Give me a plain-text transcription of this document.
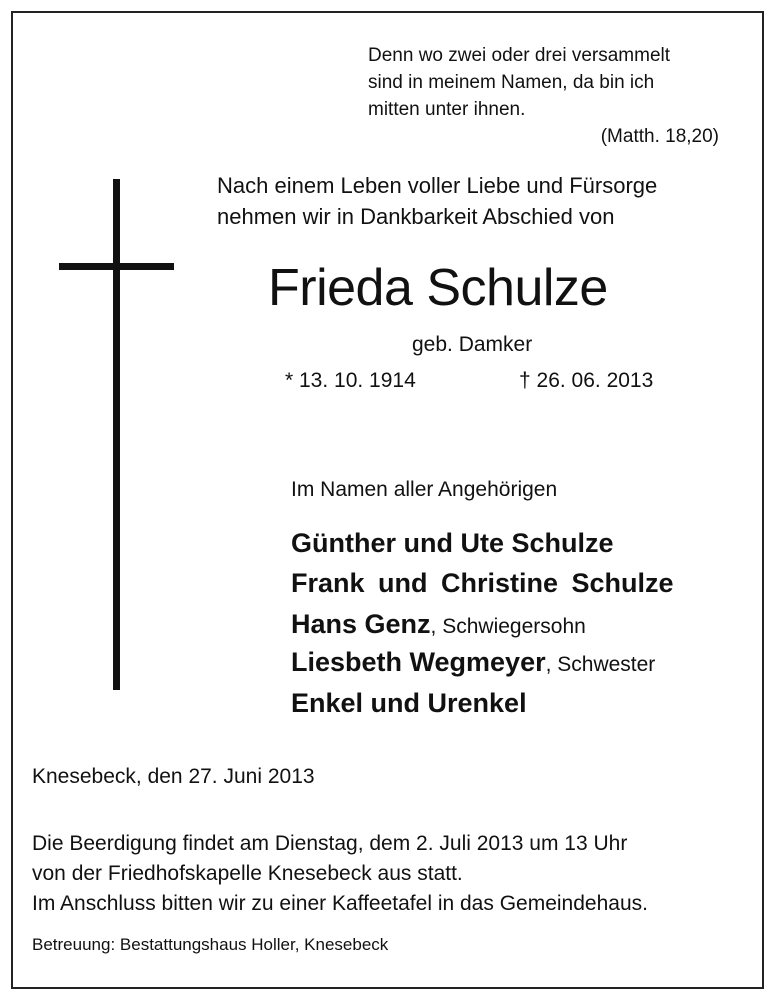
Denn wo zwei oder drei versammelt
sind in meinem Namen, da bin ich
mitten unter ihnen.
(Matth. 18,20)
Nach einem Leben voller Liebe und Fürsorge
nehmen wir in Dankbarkeit Abschied von
Frieda Schulze
geb. Damker
* 13. 10. 1914	† 26. 06. 2013
Im Namen aller Angehörigen
Günther und Ute Schulze
Frank und Christine Schulze
Hans Genz, Schwiegersohn
Liesbeth Wegmeyer, Schwester
Enkel und Urenkel
Knesebeck, den 27. Juni 2013
Die Beerdigung findet am Dienstag, dem 2. Juli 2013 um 13 Uhr
von der Friedhofskapelle Knesebeck aus statt.
Im Anschluss bitten wir zu einer Kaffeetafel in das Gemeindehaus.
Betreuung: Bestattungshaus Holler, Knesebeck
